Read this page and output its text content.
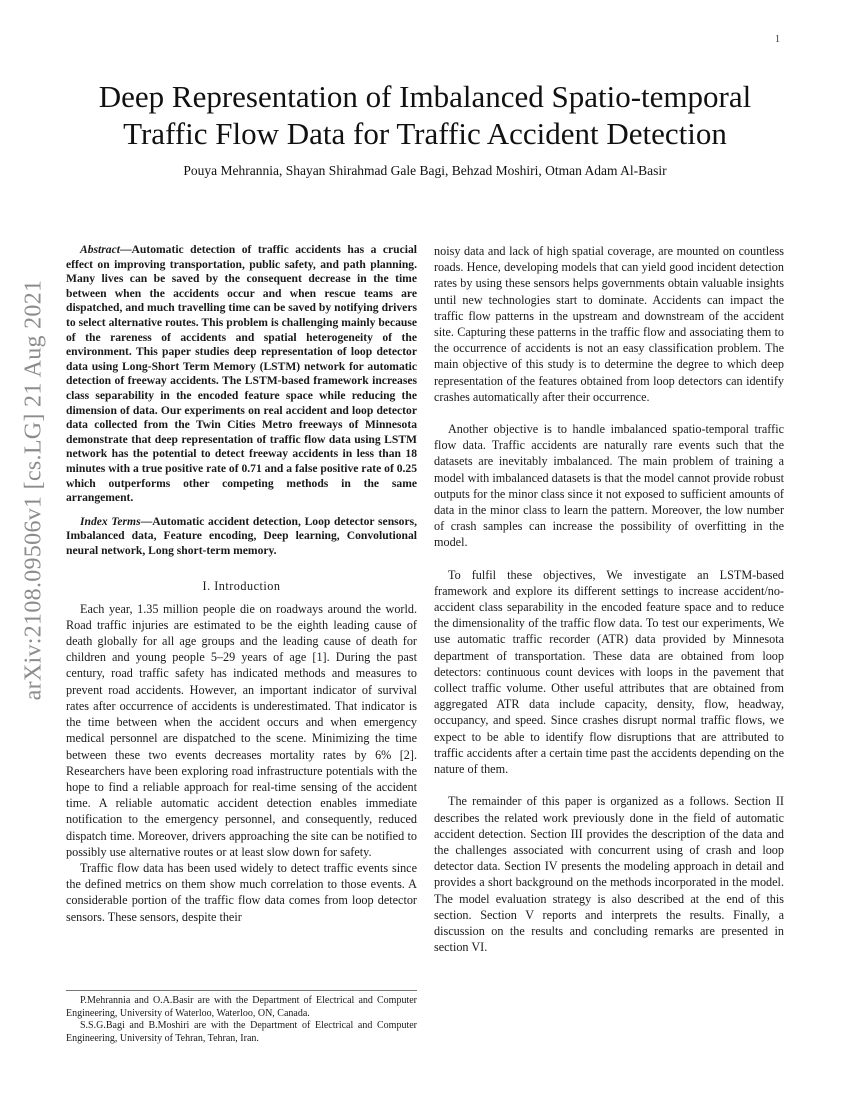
1
arXiv:2108.09506v1 [cs.LG] 21 Aug 2021
Deep Representation of Imbalanced Spatio-temporal
Traffic Flow Data for Traffic Accident Detection
Pouya Mehrannia, Shayan Shirahmad Gale Bagi, Behzad Moshiri, Otman Adam Al-Basir

Abstract—Automatic detection of traffic accidents has a crucial effect on improving transportation, public safety, and path planning. Many lives can be saved by the consequent decrease in the time between when the accidents occur and when rescue teams are dispatched, and much travelling time can be saved by notifying drivers to select alternative routes. This problem is challenging mainly because of the rareness of accidents and spatial heterogeneity of the environment. This paper studies deep representation of loop detector data using Long-Short Term Memory (LSTM) network for automatic detection of freeway accidents. The LSTM-based framework increases class separability in the encoded feature space while reducing the dimension of data. Our experiments on real accident and loop detector data collected from the Twin Cities Metro freeways of Minnesota demonstrate that deep representation of traffic flow data using LSTM network has the potential to detect freeway accidents in less than 18 minutes with a true positive rate of 0.71 and a false positive rate of 0.25 which outperforms other competing methods in the same arrangement.

Index Terms—Automatic accident detection, Loop detector sensors, Imbalanced data, Feature encoding, Deep learning, Convolutional neural network, Long short-term memory.

I. Introduction

Each year, 1.35 million people die on roadways around the world. Road traffic injuries are estimated to be the eighth leading cause of death globally for all age groups and the leading cause of death for children and young people 5–29 years of age [1]. During the past century, road traffic safety has indicated methods and measures to prevent road accidents. However, an important indicator of survival rates after occurrence of accidents is underestimated. That indicator is the time between when the accident occurs and when emergency medical personnel are dispatched to the scene. Minimizing the time between these two events decreases mortality rates by 6% [2]. Researchers have been exploring road infrastructure potentials with the hope to find a reliable approach for real-time sensing of the accident time. A reliable automatic accident detection enables immediate notification to the emergency personnel, and consequently, reduced dispatch time. Moreover, drivers approaching the site can be notified to possibly use alternative routes or at least slow down for safety.

Traffic flow data has been used widely to detect traffic events since the defined metrics on them show much correlation to those events. A considerable portion of the traffic flow data comes from loop detector sensors. These sensors, despite their

P.Mehrannia and O.A.Basir are with the Department of Electrical and Computer Engineering, University of Waterloo, Waterloo, ON, Canada.

S.S.G.Bagi and B.Moshiri are with the Department of Electrical and Computer Engineering, University of Tehran, Tehran, Iran.

noisy data and lack of high spatial coverage, are mounted on countless roads. Hence, developing models that can yield good incident detection rates by using these sensors helps governments obtain valuable insights until new technologies start to dominate. Accidents can impact the traffic flow patterns in the upstream and downstream of the accident site. Capturing these patterns in the traffic flow and associating them to the occurrence of accidents is not an easy classification problem. The main objective of this study is to determine the degree to which deep representation of the features obtained from loop detectors can identify crashes automatically after their occurrence.

Another objective is to handle imbalanced spatio-temporal traffic flow data. Traffic accidents are naturally rare events such that the datasets are inevitably imbalanced. The main problem of training a model with imbalanced datasets is that the model cannot provide robust outputs for the minor class since it not exposed to sufficient amounts of data in the minor class to learn the pattern. Moreover, the low number of crash samples can increase the possibility of overfitting in the model.

To fulfil these objectives, We investigate an LSTM-based framework and explore its different settings to increase accident/no-accident class separability in the encoded feature space and to reduce the dimensionality of the traffic flow data. To test our experiments, We use automatic traffic recorder (ATR) data provided by Minnesota department of transportation. These data are obtained from loop detectors: continuous count devices with loops in the pavement that collect traffic volume. Other useful attributes that are obtained from aggregated ATR data include capacity, density, flow, headway, occupancy, and speed. Since crashes disrupt normal traffic flows, we expect to be able to identify flow disruptions that are attributed to traffic accidents after a certain time past the accidents depending on the nature of them.

The remainder of this paper is organized as a follows. Section II describes the related work previously done in the field of automatic accident detection. Section III provides the description of the data and the challenges associated with concurrent using of crash and loop detector data. Section IV presents the modeling approach in detail and provides a short background on the methods incorporated in the model. The model evaluation strategy is also described at the end of this section. Section V reports and interprets the results. Finally, a discussion on the results and concluding remarks are presented in section VI.
